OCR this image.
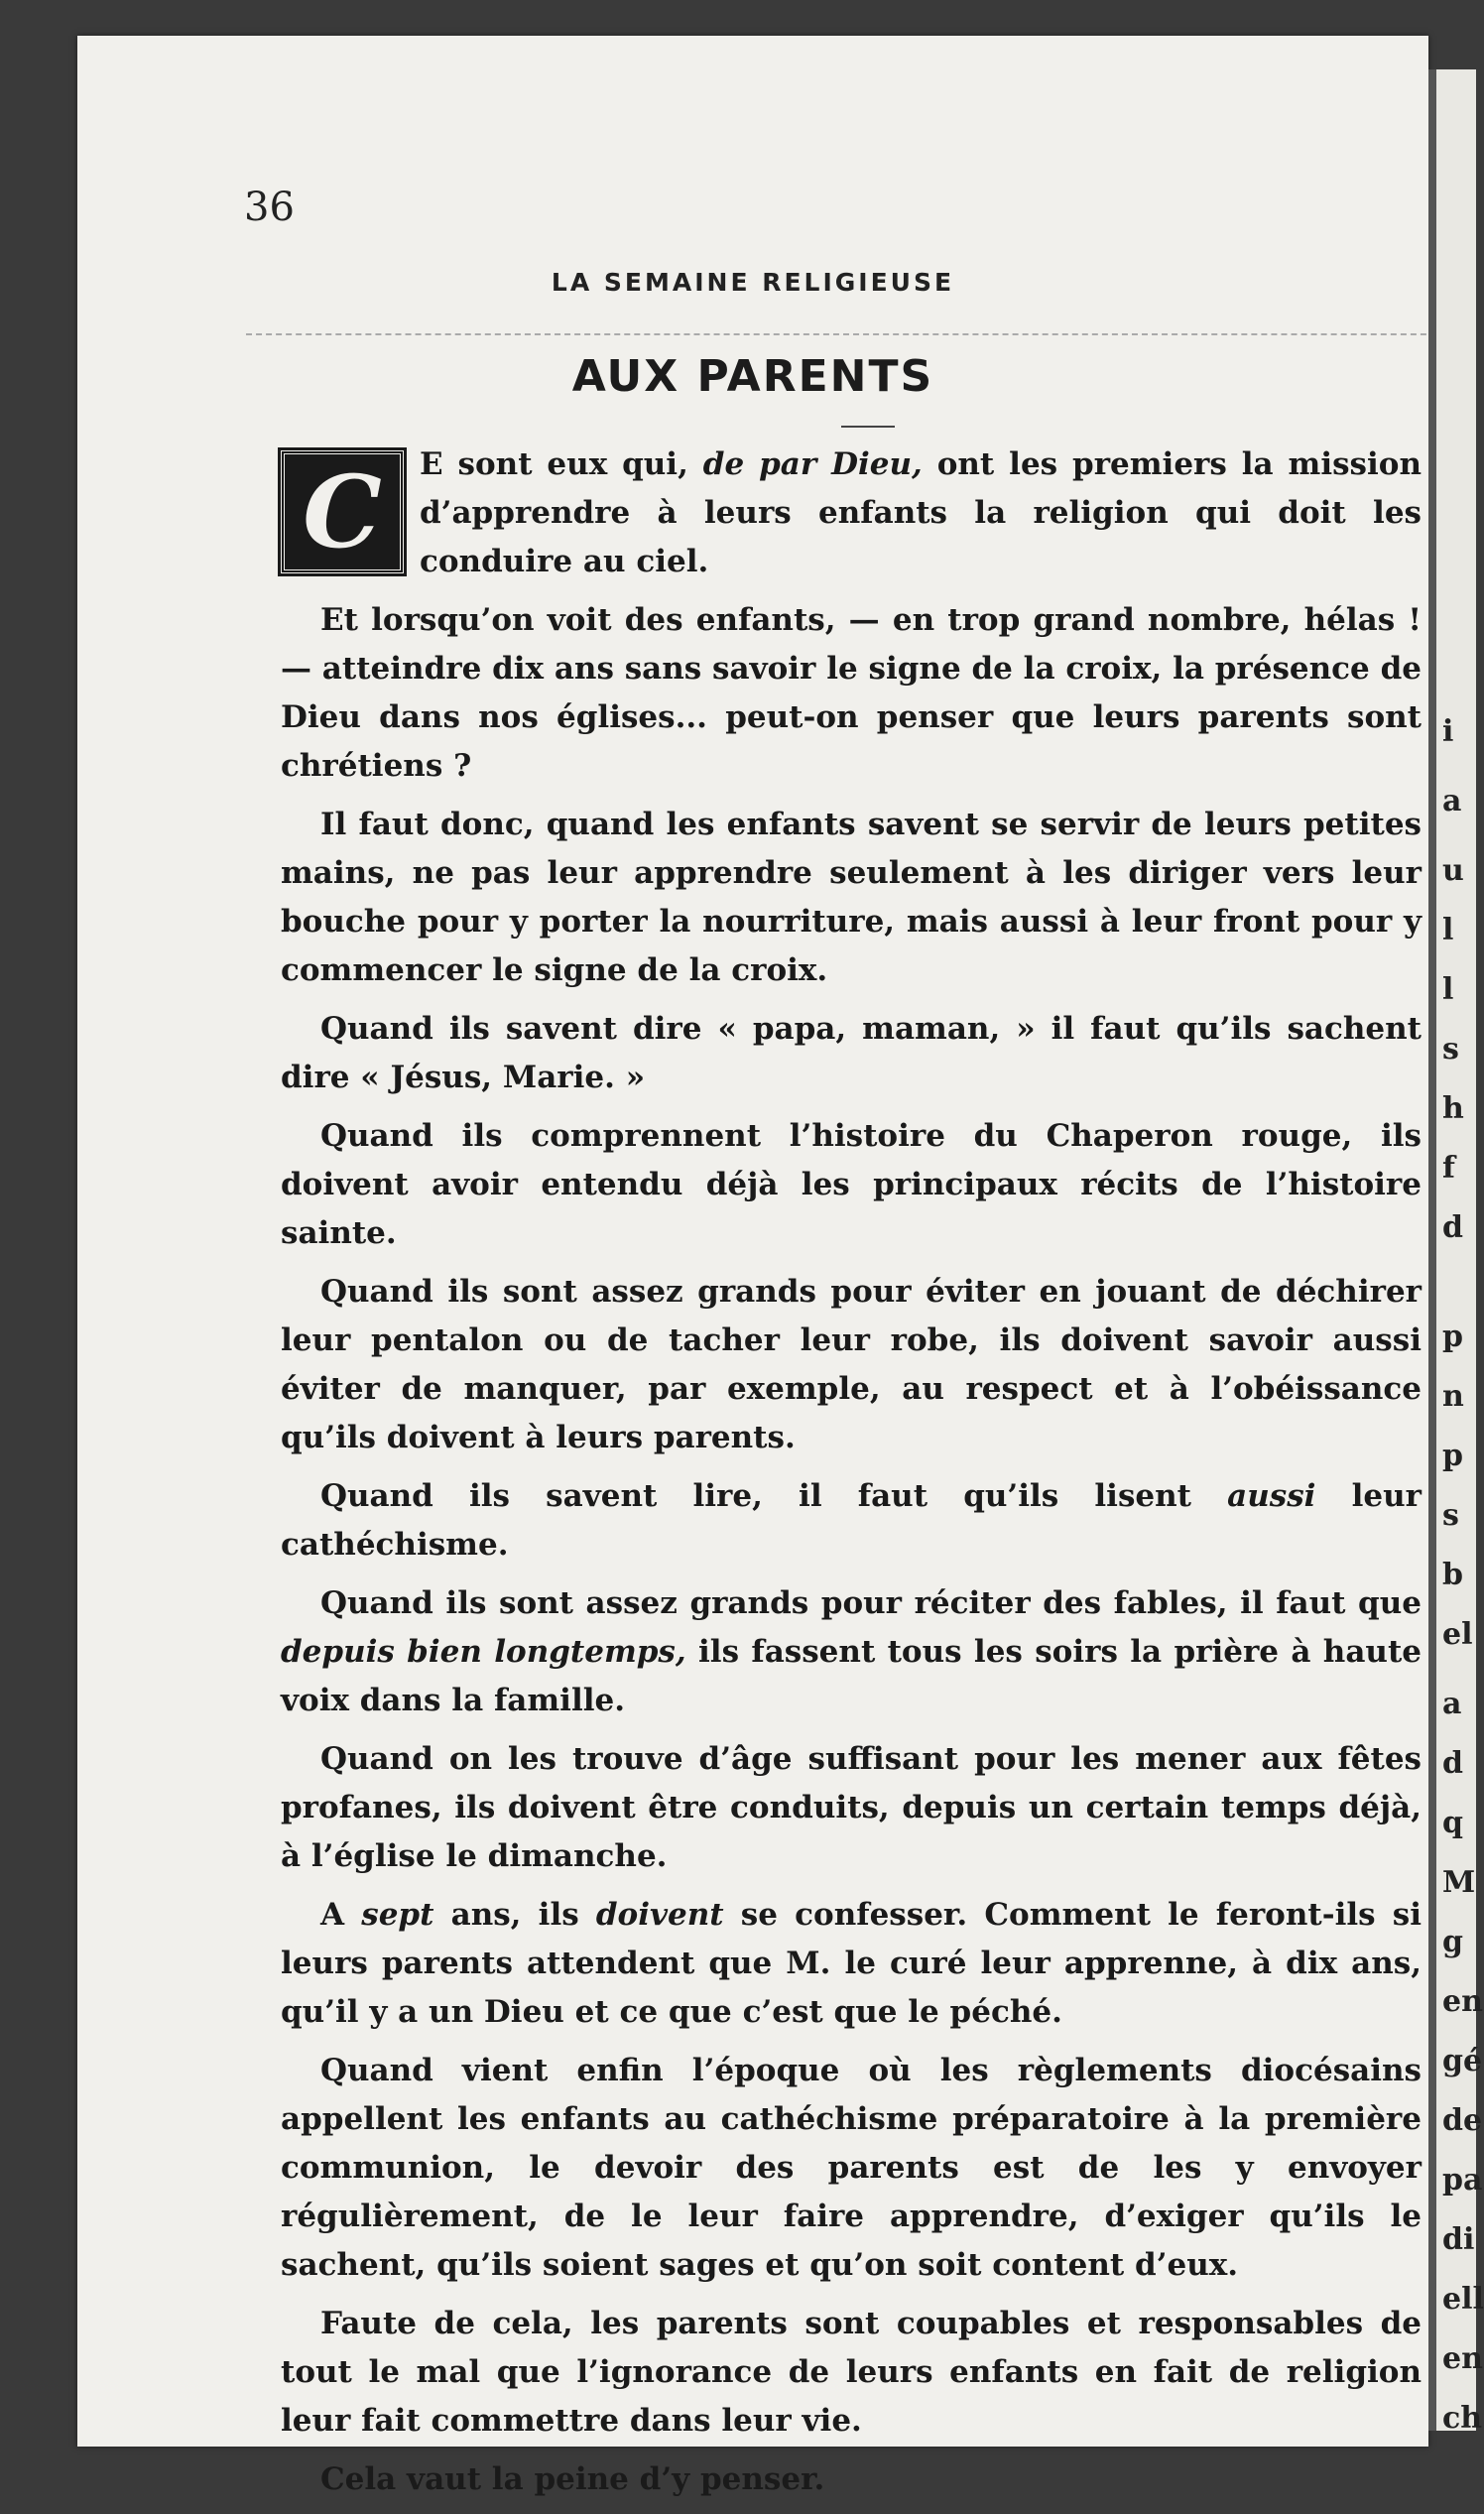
36
LA SEMAINE RELIGIEUSE
AUX PARENTS

C	E sont eux qui, de par Dieu, ont les premiers la mission d’apprendre à leurs enfants la religion qui doit les conduire au ciel.

Et lorsqu’on voit des enfants, — en trop grand nombre, hélas ! — atteindre dix ans sans savoir le signe de la croix, la présence de Dieu dans nos églises... peut-on penser que leurs parents sont chrétiens ?

Il faut donc, quand les enfants savent se servir de leurs petites mains, ne pas leur apprendre seulement à les diriger vers leur bouche pour y porter la nourriture, mais aussi à leur front pour y commencer le signe de la croix.

Quand ils savent dire « papa, maman, » il faut qu’ils sachent dire « Jésus, Marie. »

Quand ils comprennent l’histoire du Chaperon rouge, ils doivent avoir entendu déjà les principaux récits de l’histoire sainte.

Quand ils sont assez grands pour éviter en jouant de déchirer leur pentalon ou de tacher leur robe, ils doivent savoir aussi éviter de manquer, par exemple, au respect et à l’obéissance qu’ils doivent à leurs parents.

Quand ils savent lire, il faut qu’ils lisent aussi leur cathéchisme.

Quand ils sont assez grands pour réciter des fables, il faut que depuis bien longtemps, ils fassent tous les soirs la prière à haute voix dans la famille.

Quand on les trouve d’âge suffisant pour les mener aux fêtes profanes, ils doivent être conduits, depuis un certain temps déjà, à l’église le dimanche.

A sept ans, ils doivent se confesser. Comment le feront-ils si leurs parents attendent que M. le curé leur apprenne, à dix ans, qu’il y a un Dieu et ce que c’est que le péché.

Quand vient enfin l’époque où les règlements diocésains appellent les enfants au cathéchisme préparatoire à la première communion, le devoir des parents est de les y envoyer régulièrement, de le leur faire apprendre, d’exiger qu’ils le sachent, qu’ils soient sages et qu’on soit content d’eux.

Faute de cela, les parents sont coupables et responsables de tout le mal que l’ignorance de leurs enfants en fait de religion leur fait commettre dans leur vie.

Cela vaut la peine d’y penser.

i
a
u
l
l
s
h
f
d
p
n
p
s
b
el
a
d
q
M
g
en
gé
de
pa
di
ell
en
ch
